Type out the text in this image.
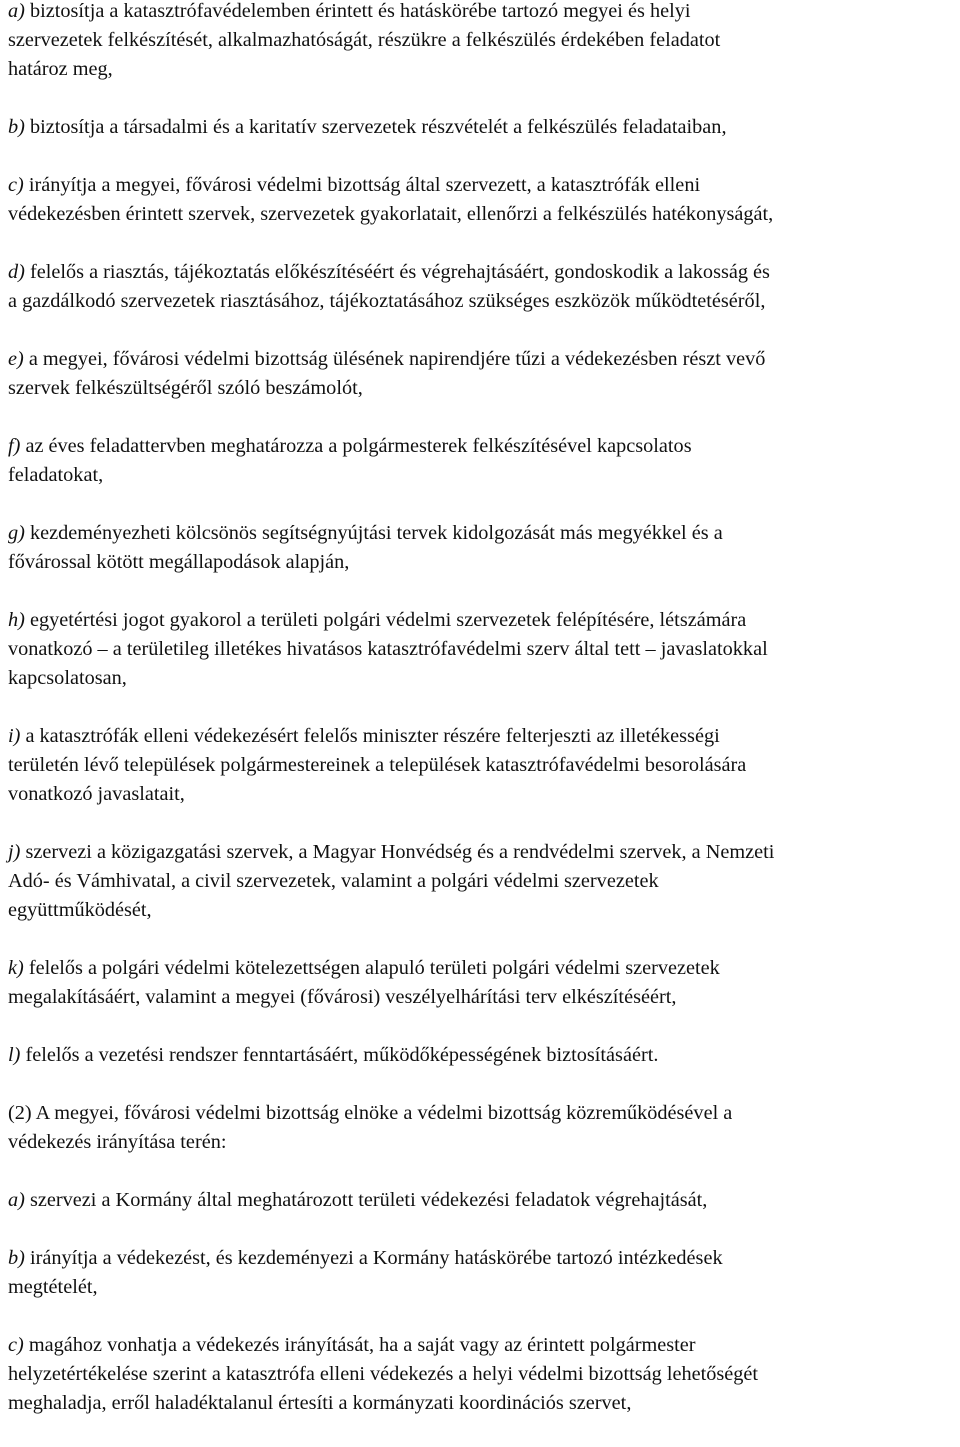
a) biztosítja a katasztrófavédelemben érintett és hatáskörébe tartozó megyei és helyi
szervezetek felkészítését, alkalmazhatóságát, részükre a felkészülés érdekében feladatot
határoz meg,

b) biztosítja a társadalmi és a karitatív szervezetek részvételét a felkészülés feladataiban,

c) irányítja a megyei, fővárosi védelmi bizottság által szervezett, a katasztrófák elleni
védekezésben érintett szervek, szervezetek gyakorlatait, ellenőrzi a felkészülés hatékonyságát,

d) felelős a riasztás, tájékoztatás előkészítéséért és végrehajtásáért, gondoskodik a lakosság és
a gazdálkodó szervezetek riasztásához, tájékoztatásához szükséges eszközök működtetéséről,

e) a megyei, fővárosi védelmi bizottság ülésének napirendjére tűzi a védekezésben részt vevő
szervek felkészültségéről szóló beszámolót,

f) az éves feladattervben meghatározza a polgármesterek felkészítésével kapcsolatos
feladatokat,

g) kezdeményezheti kölcsönös segítségnyújtási tervek kidolgozását más megyékkel és a
fővárossal kötött megállapodások alapján,

h) egyetértési jogot gyakorol a területi polgári védelmi szervezetek felépítésére, létszámára
vonatkozó – a területileg illetékes hivatásos katasztrófavédelmi szerv által tett – javaslatokkal
kapcsolatosan,

i) a katasztrófák elleni védekezésért felelős miniszter részére felterjeszti az illetékességi
területén lévő települések polgármestereinek a települések katasztrófavédelmi besorolására
vonatkozó javaslatait,

j) szervezi a közigazgatási szervek, a Magyar Honvédség és a rendvédelmi szervek, a Nemzeti
Adó- és Vámhivatal, a civil szervezetek, valamint a polgári védelmi szervezetek
együttműködését,

k) felelős a polgári védelmi kötelezettségen alapuló területi polgári védelmi szervezetek
megalakításáért, valamint a megyei (fővárosi) veszélyelhárítási terv elkészítéséért,

l) felelős a vezetési rendszer fenntartásáért, működőképességének biztosításáért.

(2) A megyei, fővárosi védelmi bizottság elnöke a védelmi bizottság közreműködésével a
védekezés irányítása terén:

a) szervezi a Kormány által meghatározott területi védekezési feladatok végrehajtását,

b) irányítja a védekezést, és kezdeményezi a Kormány hatáskörébe tartozó intézkedések
megtételét,

c) magához vonhatja a védekezés irányítását, ha a saját vagy az érintett polgármester
helyzetértékelése szerint a katasztrófa elleni védekezés a helyi védelmi bizottság lehetőségét
meghaladja, erről haladéktalanul értesíti a kormányzati koordinációs szervet,
